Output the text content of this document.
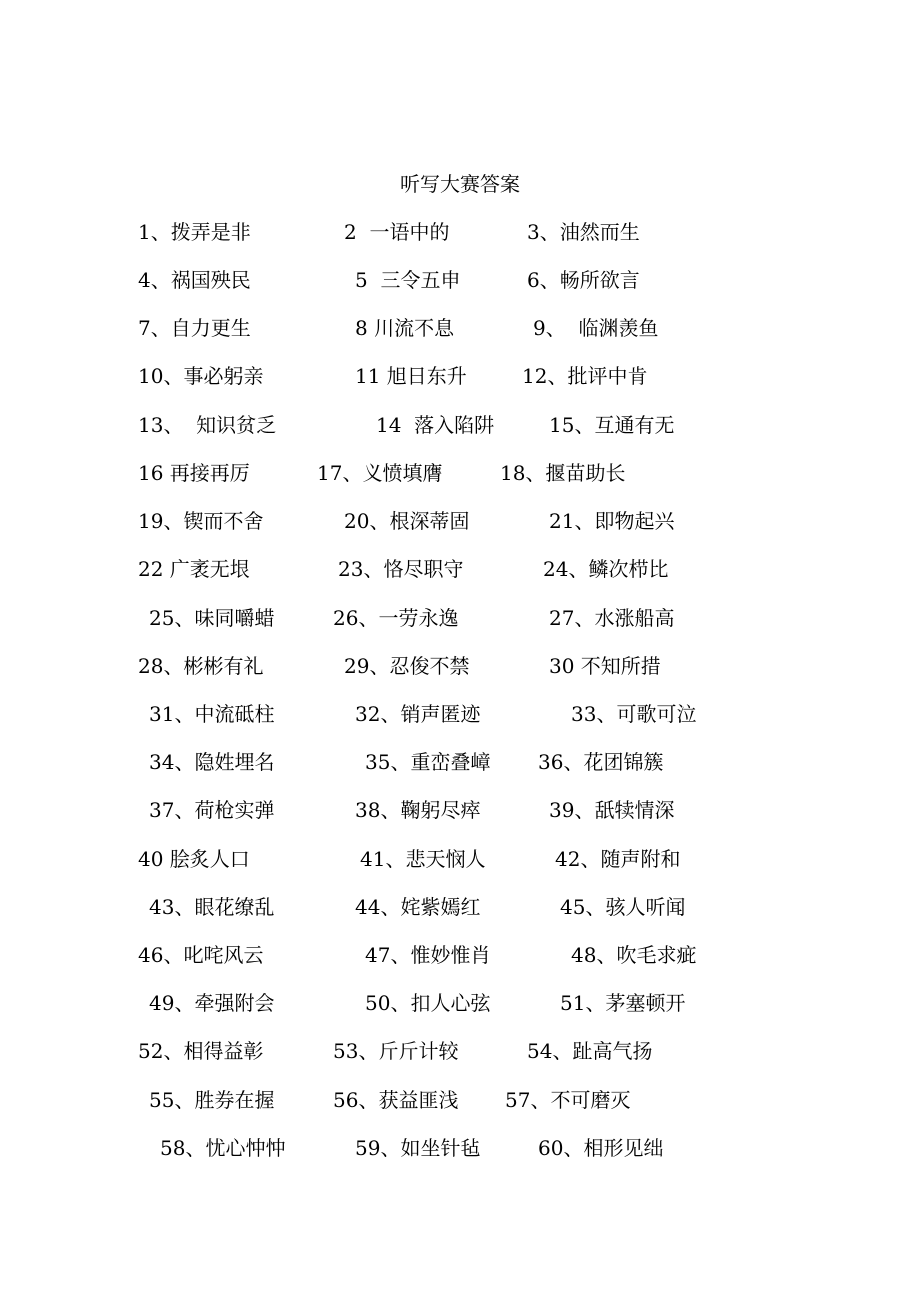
听写大赛答案
1、拨弄是非	2  一语中的	3、油然而生
4、祸国殃民	5  三令五申	6、畅所欲言
7、自力更生	8 川流不息	9、  临渊羡鱼
10、事必躬亲	11 旭日东升	12、批评中肯
13、  知识贫乏	14  落入陷阱	15、互通有无
16 再接再厉	17、义愤填膺	18、揠苗助长
19、锲而不舍	20、根深蒂固	21、即物起兴
22 广袤无垠	23、恪尽职守	24、鳞次栉比
25、味同嚼蜡	26、一劳永逸	27、水涨船高
28、彬彬有礼	29、忍俊不禁	30 不知所措
31、中流砥柱	32、销声匿迹	33、可歌可泣
34、隐姓埋名	35、重峦叠嶂 36、花团锦簇
37、荷枪实弹	38、鞠躬尽瘁	39、舐犊情深
40 脍炙人口	41、悲天悯人	42、随声附和
43、眼花缭乱	44、姹紫嫣红	45、骇人听闻
46、叱咤风云	47、惟妙惟肖	48、吹毛求疵
49、牵强附会	50、扣人心弦	51、茅塞顿开
52、相得益彰	53、斤斤计较	54、趾高气扬
55、胜券在握	56、获益匪浅 57、不可磨灭
58、忧心忡忡	59、如坐针毡	60、相形见绌
